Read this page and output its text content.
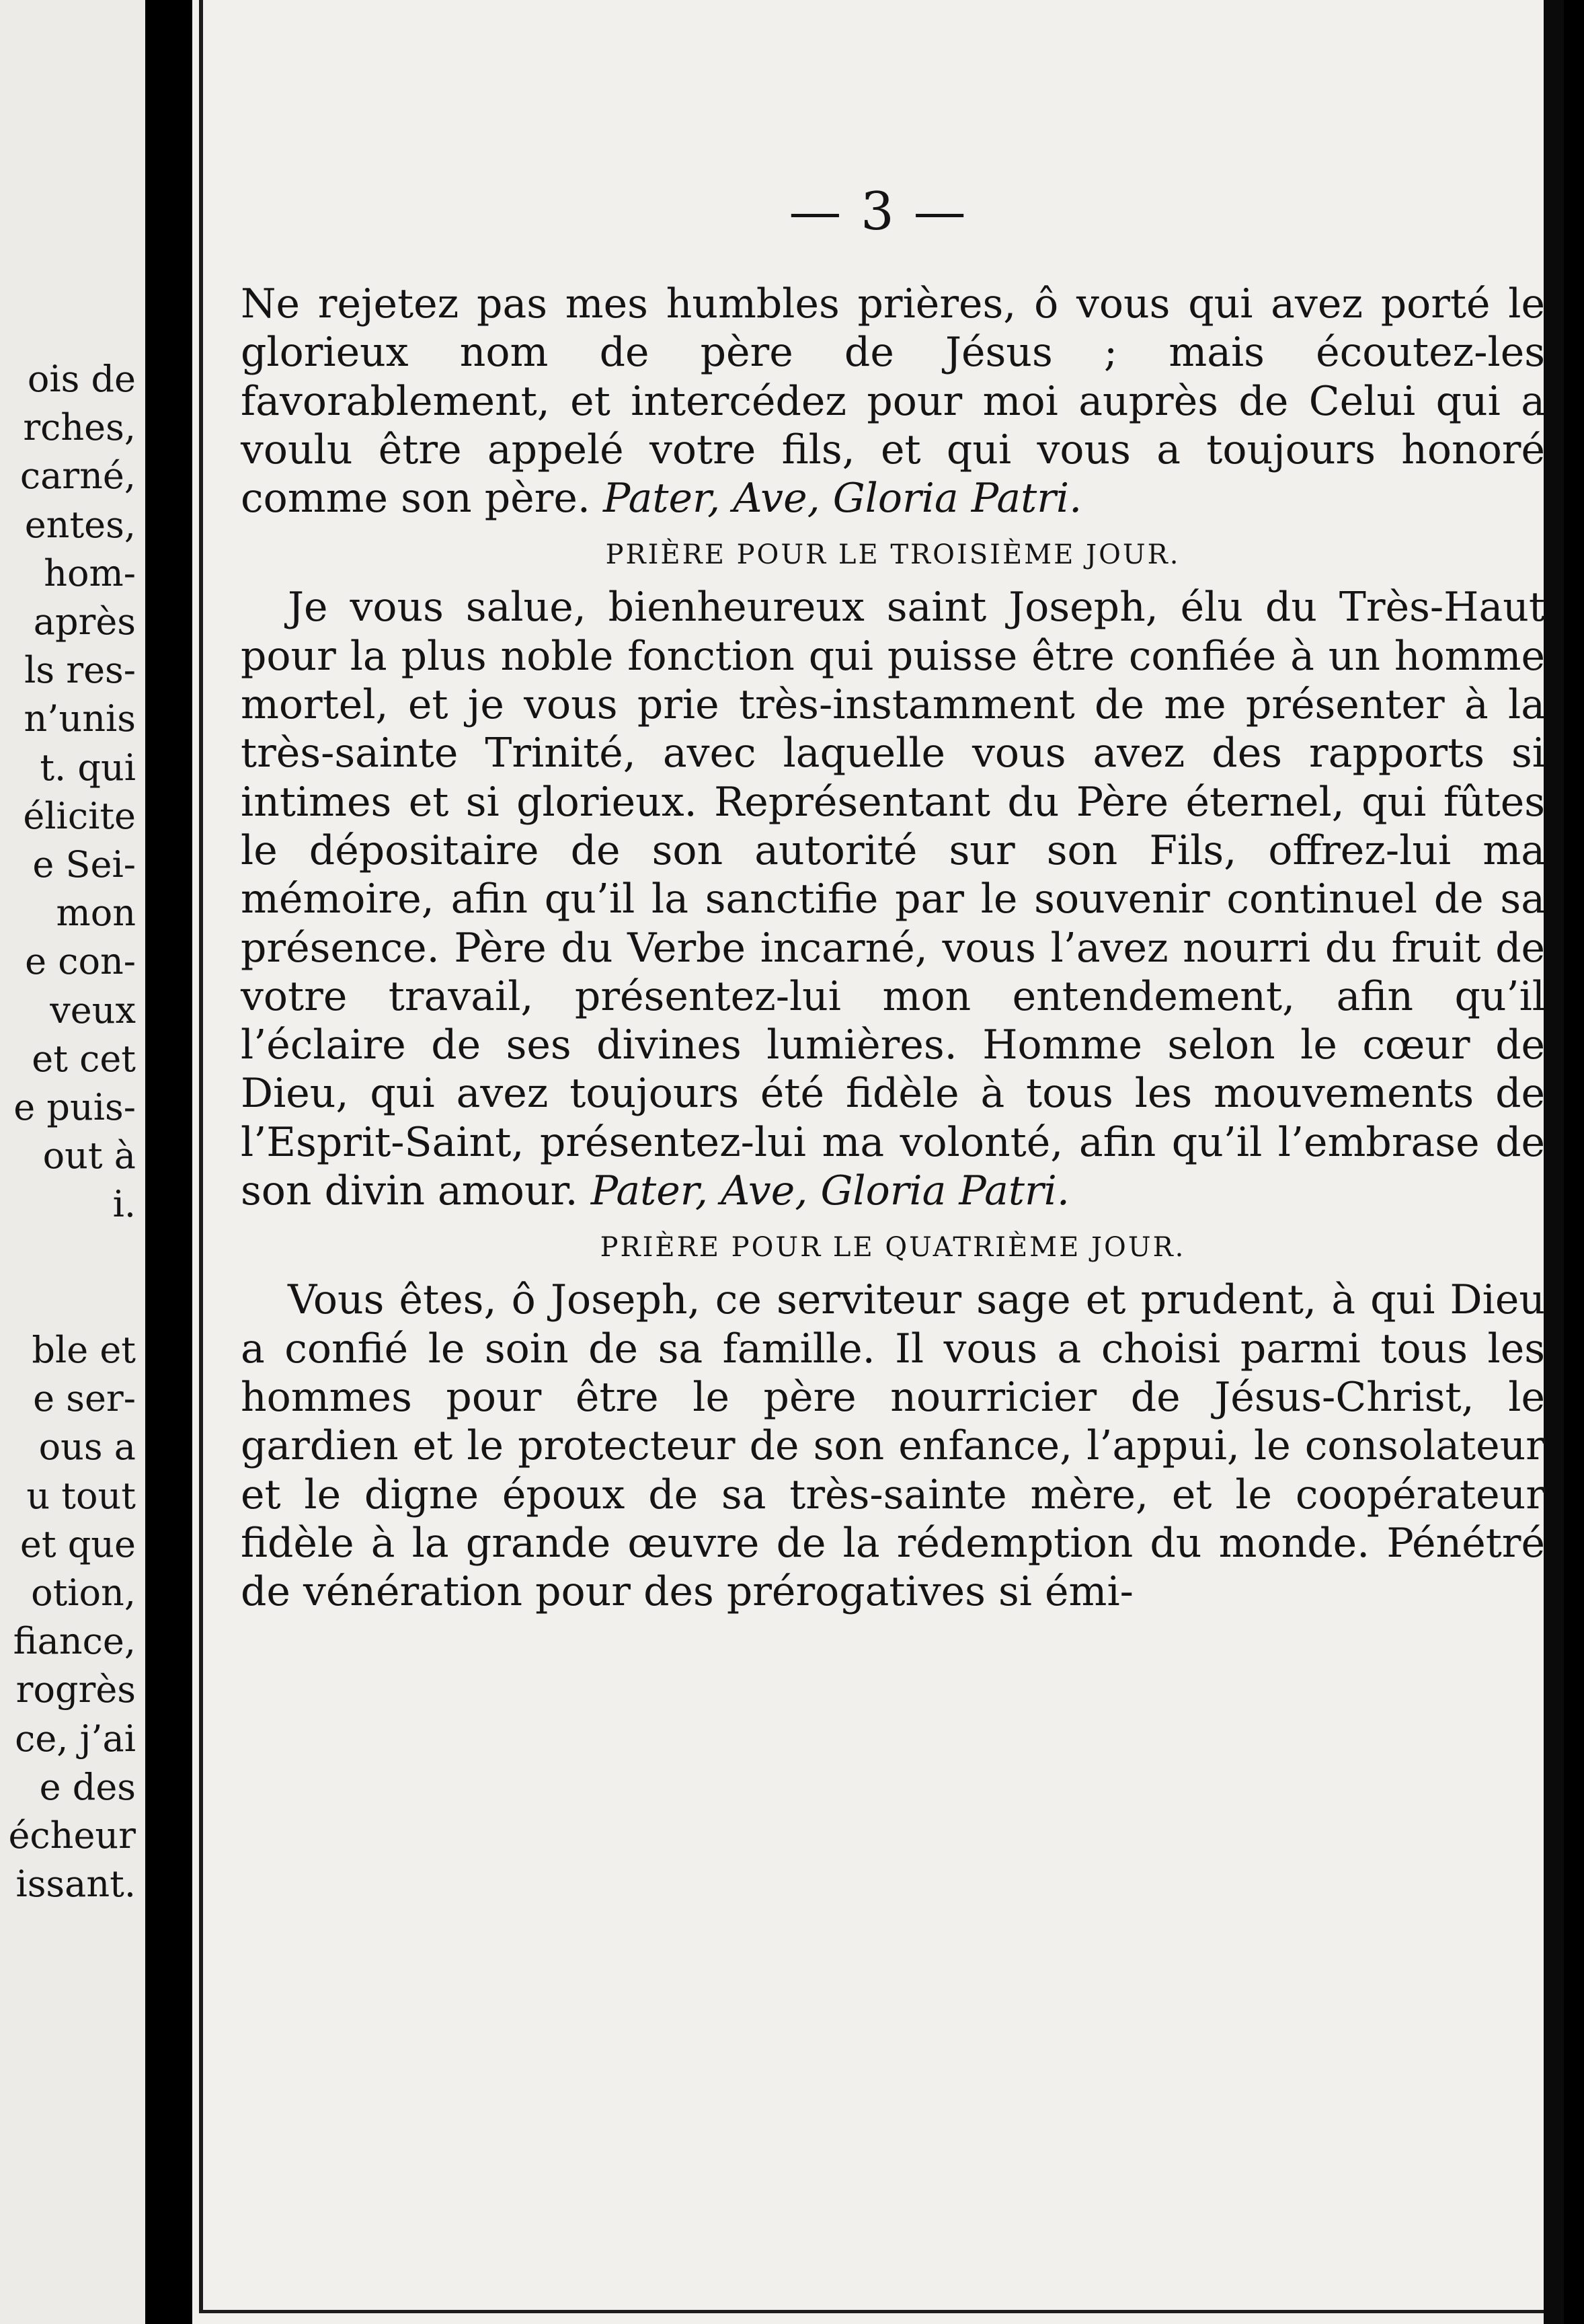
ois de
rches,
carné,
entes,
hom-
après
ls res-
n’unis
t. qui
élicite
e Sei-
mon
e con-
veux
et cet
e puis-
out à
i.

ble et
e ser-
ous a
u tout
et que
otion,
fiance,
rogrès
ce, j’ai
e des
écheur
issant.

— 3 —

Ne rejetez pas mes humbles prières, ô vous qui avez porté le glorieux nom de père de Jésus ; mais écoutez-les favorablement, et intercédez pour moi auprès de Celui qui a voulu être appelé votre fils, et qui vous a toujours honoré comme son père. Pater, Ave, Gloria Patri.

PRIÈRE POUR LE TROISIÈME JOUR.

Je vous salue, bienheureux saint Joseph, élu du Très-Haut pour la plus noble fonction qui puisse être confiée à un homme mortel, et je vous prie très-instamment de me présenter à la très-sainte Trinité, avec laquelle vous avez des rapports si intimes et si glorieux. Représentant du Père éternel, qui fûtes le dépositaire de son autorité sur son Fils, offrez-lui ma mémoire, afin qu’il la sanctifie par le souvenir continuel de sa présence. Père du Verbe incarné, vous l’avez nourri du fruit de votre travail, présentez-lui mon entendement, afin qu’il l’éclaire de ses divines lumières. Homme selon le cœur de Dieu, qui avez toujours été fidèle à tous les mouvements de l’Esprit-Saint, présentez-lui ma volonté, afin qu’il l’embrase de son divin amour. Pater, Ave, Gloria Patri.

PRIÈRE POUR LE QUATRIÈME JOUR.

Vous êtes, ô Joseph, ce serviteur sage et prudent, à qui Dieu a confié le soin de sa famille. Il vous a choisi parmi tous les hommes pour être le père nourricier de Jésus-Christ, le gardien et le protecteur de son enfance, l’appui, le consolateur et le digne époux de sa très-sainte mère, et le coopérateur fidèle à la grande œuvre de la rédemption du monde. Pénétré de vénération pour des prérogatives si émi-
